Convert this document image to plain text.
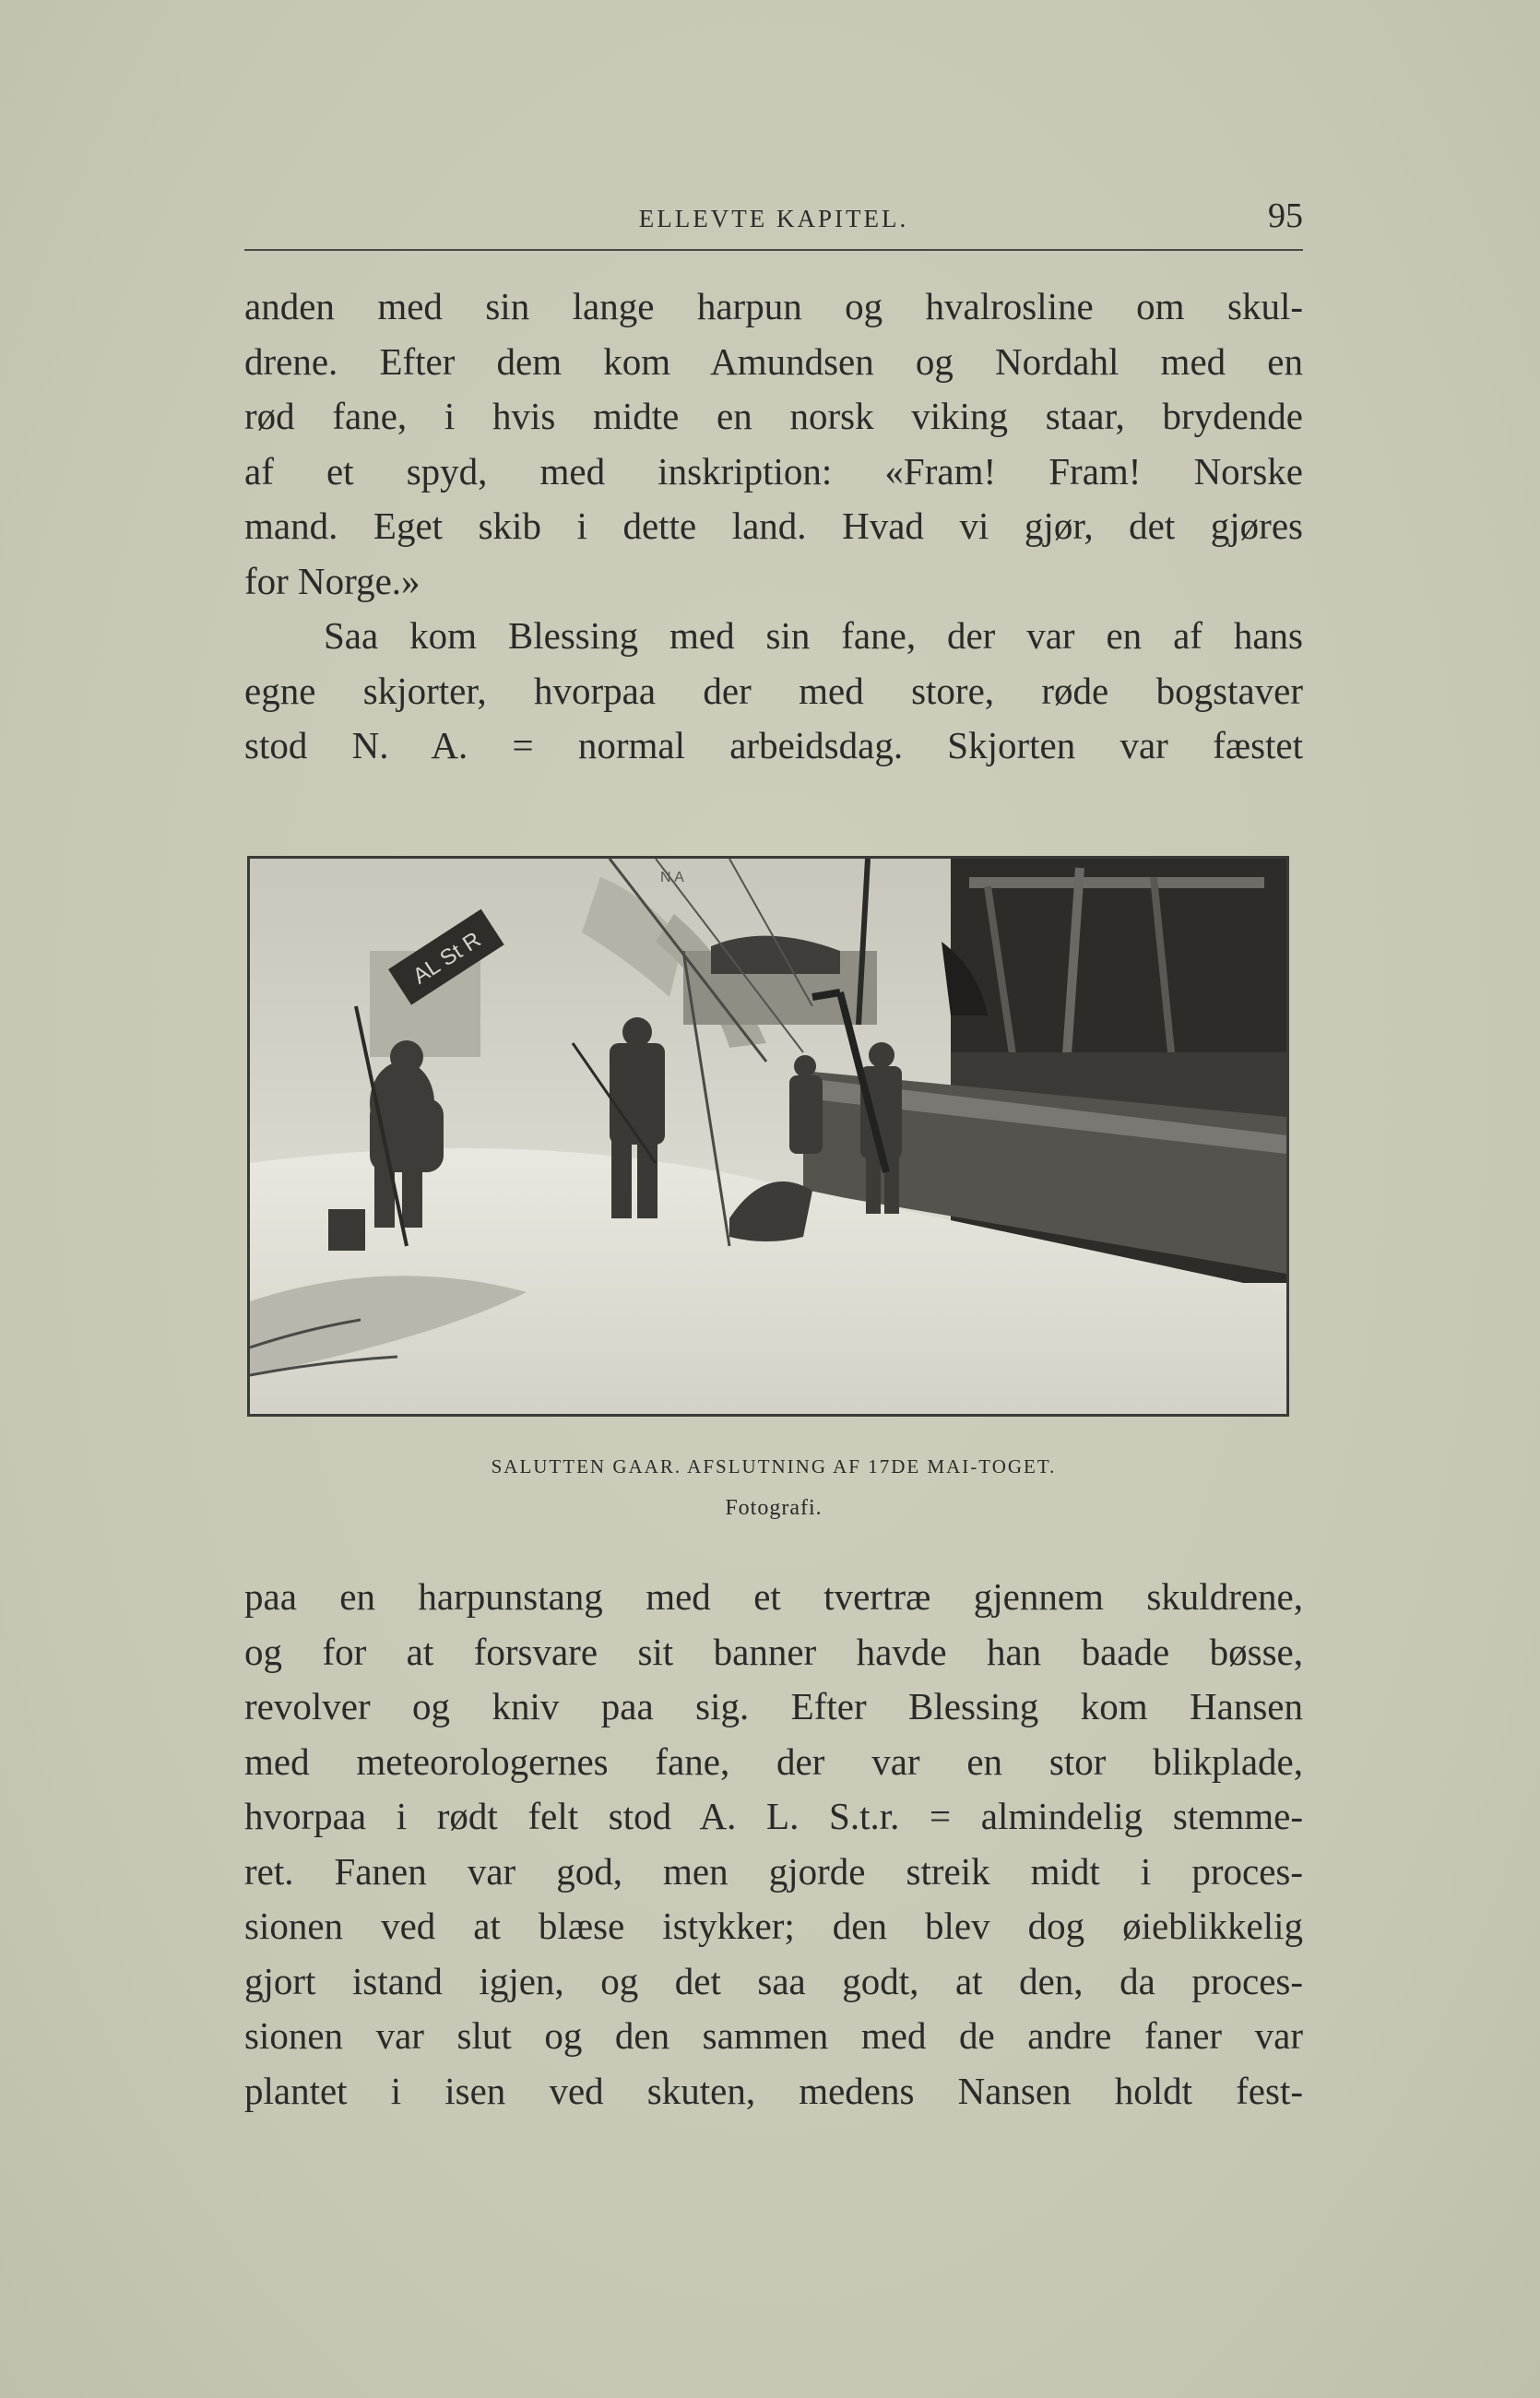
ELLEVTE KAPITEL.	95
anden med sin lange harpun og hvalrosline om skul-
drene. Efter dem kom Amundsen og Nordahl med en
rød fane, i hvis midte en norsk viking staar, brydende
af et spyd, med inskription: «Fram! Fram! Norske
mand. Eget skib i dette land. Hvad vi gjør, det gjøres
for Norge.»
Saa kom Blessing med sin fane, der var en af hans
egne skjorter, hvorpaa der med store, røde bogstaver
stod N. A. = normal arbeidsdag. Skjorten var fæstet
AL St R
N A
SALUTTEN GAAR. AFSLUTNING AF 17DE MAI-TOGET.
Fotografi.
paa en harpunstang med et tvertræ gjennem skuldrene,
og for at forsvare sit banner havde han baade bøsse,
revolver og kniv paa sig. Efter Blessing kom Hansen
med meteorologernes fane, der var en stor blikplade,
hvorpaa i rødt felt stod A. L. S.t.r. = almindelig stemme-
ret. Fanen var god, men gjorde streik midt i proces-
sionen ved at blæse istykker; den blev dog øieblikkelig
gjort istand igjen, og det saa godt, at den, da proces-
sionen var slut og den sammen med de andre faner var
plantet i isen ved skuten, medens Nansen holdt fest-
